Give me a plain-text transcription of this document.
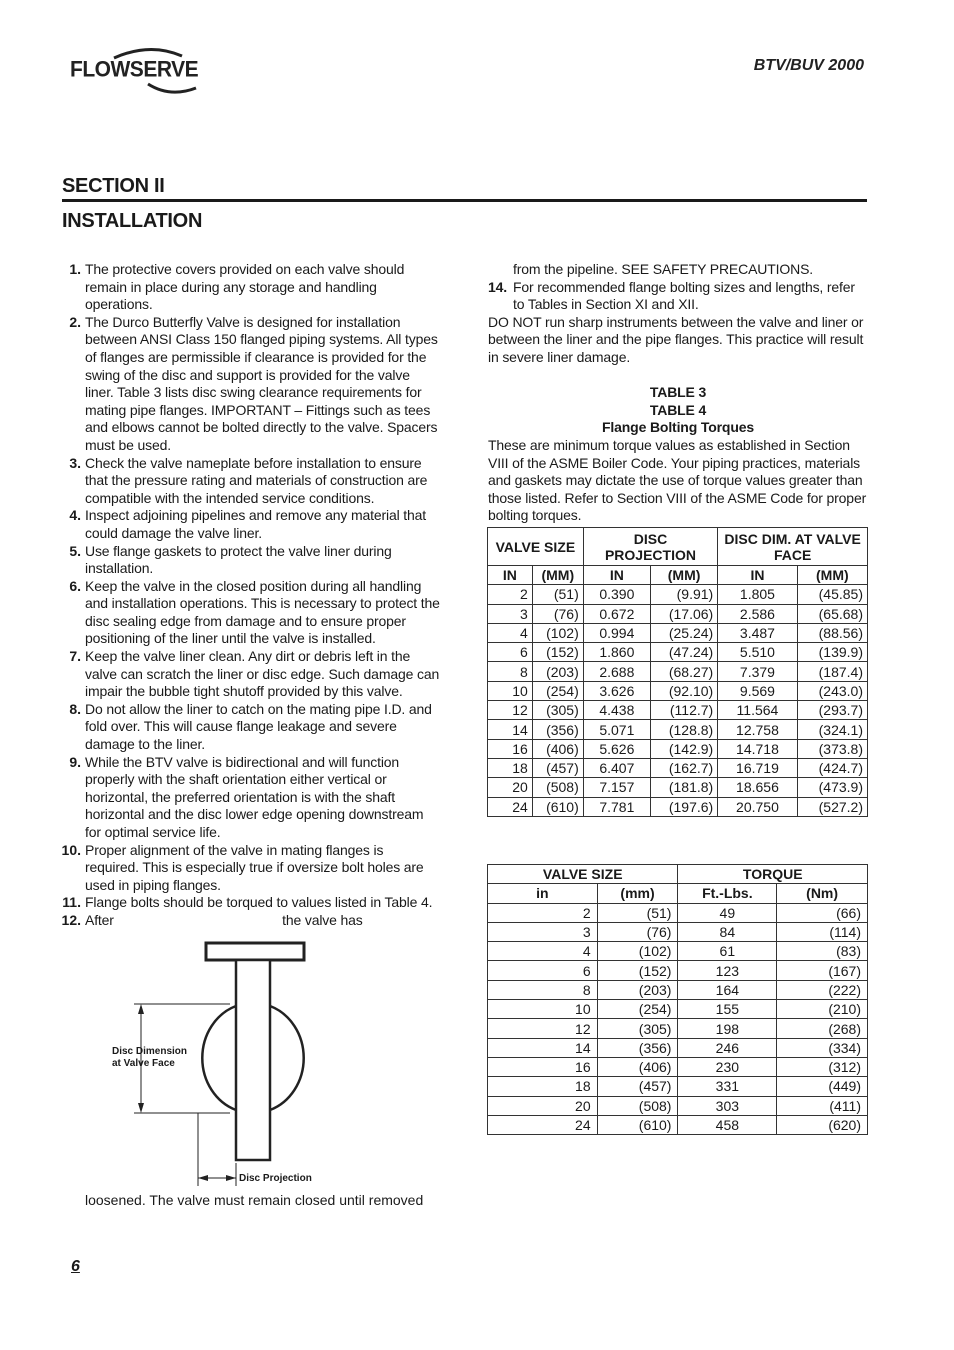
FLOWSERVE	BTV/BUV 2000
SECTION II
INSTALLATION
1. The protective covers provided on each valve should remain in place during any storage and handling operations.
2. The Durco Butterfly Valve is designed for installation between ANSI Class 150 flanged piping systems. All types of flanges are permissible if clearance is provided for the swing of the disc and support is provided for the valve liner. Table 3 lists disc swing clearance requirements for mating pipe flanges. IMPORTANT – Fittings such as tees and elbows cannot be bolted directly to the valve. Spacers must be used.
3. Check the valve nameplate before installation to ensure that the pressure rating and materials of construction are compatible with the intended service conditions.
4. Inspect adjoining pipelines and remove any material that could damage the valve liner.
5. Use flange gaskets to protect the valve liner during installation.
6. Keep the valve in the closed position during all handling and installation operations. This is necessary to protect the disc sealing edge from damage and to ensure proper positioning of the liner until the valve is installed.
7. Keep the valve liner clean. Any dirt or debris left in the valve can scratch the liner or disc edge. Such damage can impair the bubble tight shutoff provided by this valve.
8. Do not allow the liner to catch on the mating pipe I.D. and fold over. This will cause flange leakage and severe damage to the liner.
9. While the BTV valve is bidirectional and will function properly with the shaft orientation either vertical or horizontal, the preferred orientation is with the shaft horizontal and the disc lower edge opening downstream for optimal service life.
10. Proper alignment of the valve in mating flanges is required. This is especially true if oversize bolt holes are used in piping flanges.
11. Flange bolts should be torqued to values listed in Table 4.
12. After                                             the valve has
Disc Dimension
at Valve Face
Disc Projection
loosened. The valve must remain closed until removed
from the pipeline. SEE SAFETY PRECAUTIONS.
14. For recommended flange bolting sizes and lengths, refer to Tables in Section XI and XII.
DO NOT run sharp instruments between the valve and liner or between the liner and the pipe flanges. This practice will result in severe liner damage.
TABLE 3
TABLE 4
Flange Bolting Torques
These are minimum torque values as established in Section VIII of the ASME Boiler Code. Your piping practices, materials and gaskets may dictate the use of torque values greater than those listed. Refer to Section VIII of the ASME Code for proper bolting torques.
VALVE SIZE		DISC PROJECTION		DISC DIM. AT VALVE FACE	
IN	(MM)	IN	(MM)	IN	(MM)
2	(51)	0.390	(9.91)	1.805	(45.85)
3	(76)	0.672	(17.06)	2.586	(65.68)
4	(102)	0.994	(25.24)	3.487	(88.56)
6	(152)	1.860	(47.24)	5.510	(139.9)
8	(203)	2.688	(68.27)	7.379	(187.4)
10	(254)	3.626	(92.10)	9.569	(243.0)
12	(305)	4.438	(112.7)	11.564	(293.7)
14	(356)	5.071	(128.8)	12.758	(324.1)
16	(406)	5.626	(142.9)	14.718	(373.8)
18	(457)	6.407	(162.7)	16.719	(424.7)
20	(508)	7.157	(181.8)	18.656	(473.9)
24	(610)	7.781	(197.6)	20.750	(527.2)
VALVE SIZE		TORQUE	
in	(mm)	Ft.-Lbs.	(Nm)
2	(51)	49	(66)
3	(76)	84	(114)
4	(102)	61	(83)
6	(152)	123	(167)
8	(203)	164	(222)
10	(254)	155	(210)
12	(305)	198	(268)
14	(356)	246	(334)
16	(406)	230	(312)
18	(457)	331	(449)
20	(508)	303	(411)
24	(610)	458	(620)
6
